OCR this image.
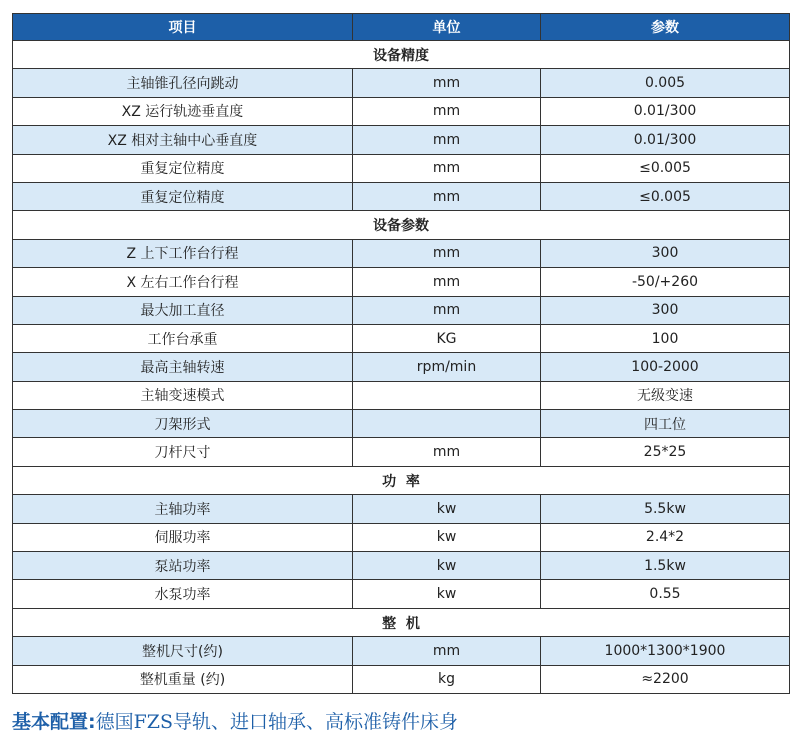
项目	单位	参数
设备精度		
主轴锥孔径向跳动	mm	0.005
XZ 运行轨迹垂直度	mm	0.01/300
XZ 相对主轴中心垂直度	mm	0.01/300
重复定位精度	mm	≤0.005
重复定位精度	mm	≤0.005
设备参数		
Z 上下工作台行程	mm	300
X 左右工作台行程	mm	-50/+260
最大加工直径	mm	300
工作台承重	KG	100
最高主轴转速	rpm/min	100-2000
主轴变速模式		无级变速
刀架形式		四工位
刀杆尺寸	mm	25*25
功  率		
主轴功率	kw	5.5kw
伺服功率	kw	2.4*2
泵站功率	kw	1.5kw
水泵功率	kw	0.55
整  机		
整机尺寸(约)	mm	1000*1300*1900
整机重量 (约)	kg	≈2200
基本配置:德国FZS导轨、进口轴承、高标准铸件床身
